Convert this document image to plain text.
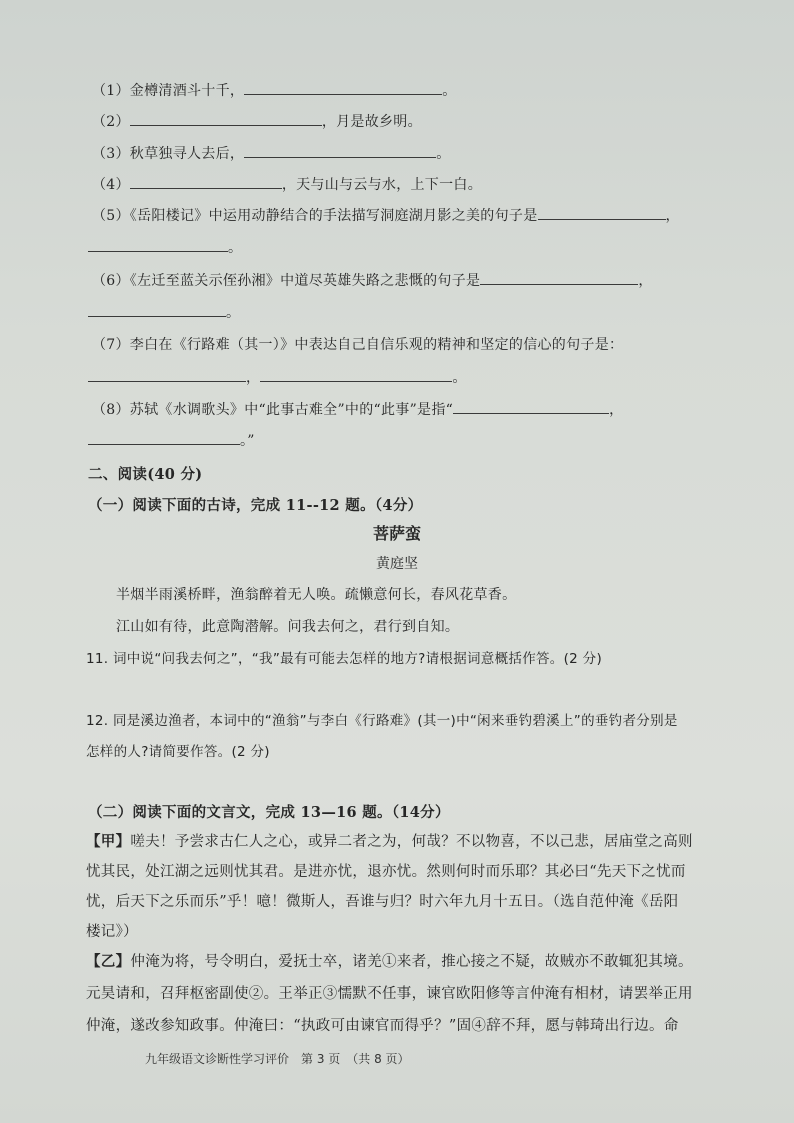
（1）金樽清酒斗十千，	。
（2）	，月是故乡明。
（3）秋草独寻人去后，	。
（4）	，天与山与云与水，上下一白。
（5）《岳阳楼记》中运用动静结合的手法描写洞庭湖月影之美的句子是	，
。
（6）《左迁至蓝关示侄孙湘》中道尽英雄失路之悲慨的句子是	，
。
（7）李白在《行路难（其一）》中表达自己自信乐观的精神和坚定的信心的句子是：
，	。
（8）苏轼《水调歌头》中“此事古难全”中的“此事”是指“	，
。”
二、阅读(40 分)
（一）阅读下面的古诗，完成 11--12 题。（4分）
菩萨蛮
黄庭坚
半烟半雨溪桥畔，渔翁醉着无人唤。疏懒意何长，春风花草香。
江山如有待，此意陶潜解。问我去何之，君行到自知。
11. 词中说“问我去何之”，“我”最有可能去怎样的地方?请根据词意概括作答。(2 分)
12. 同是溪边渔者，本词中的“渔翁”与李白《行路难》(其一)中“闲来垂钓碧溪上”的垂钓者分别是
怎样的人?请简要作答。(2 分)
（二）阅读下面的文言文，完成 13—16 题。（14分）
【甲】嗟夫！予尝求古仁人之心，或异二者之为，何哉？不以物喜，不以己悲，居庙堂之高则
忧其民，处江湖之远则忧其君。是进亦忧，退亦忧。然则何时而乐耶？其必曰“先天下之忧而
忧，后天下之乐而乐”乎！噫！微斯人，吾谁与归？时六年九月十五日。（选自范仲淹《岳阳
楼记》）
【乙】仲淹为将，号令明白，爱抚士卒，诸羌①来者，推心接之不疑，故贼亦不敢辄犯其境。
元昊请和，召拜枢密副使②。王举正③懦默不任事，谏官欧阳修等言仲淹有相材，请罢举正用
仲淹，遂改参知政事。仲淹曰：“执政可由谏官而得乎？”固④辞不拜，愿与韩琦出行边。命
九年级语文诊断性学习评价　第 3 页　（共 8 页）
